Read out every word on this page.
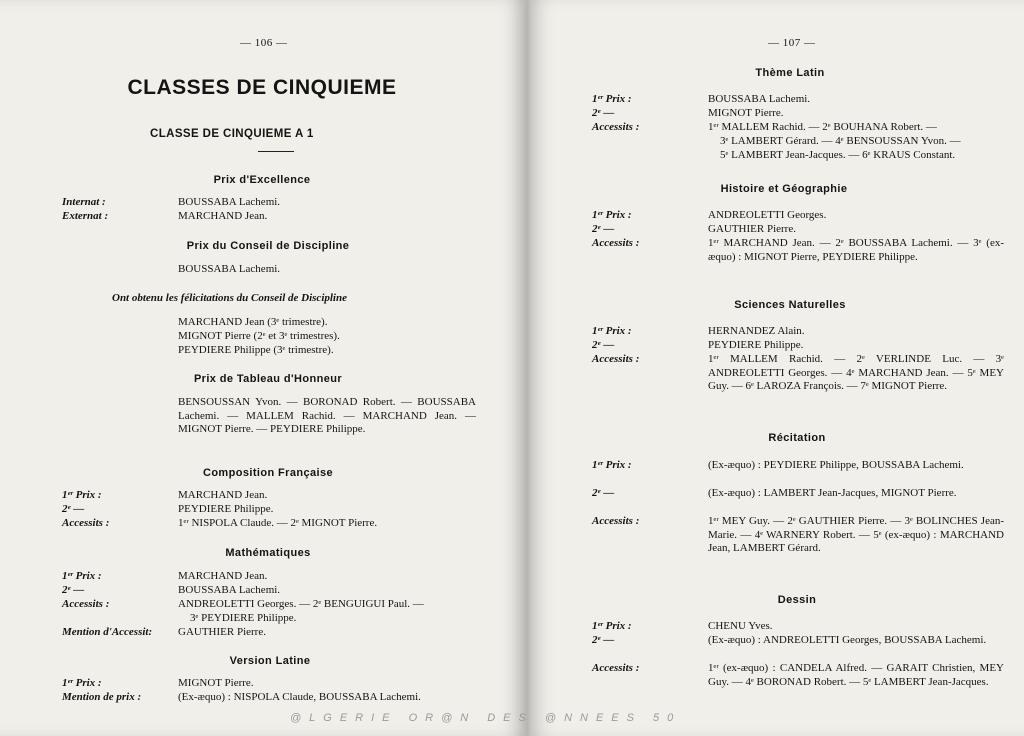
— 106 —
CLASSES DE CINQUIEME
CLASSE DE CINQUIEME A 1
Prix d'Excellence
Internat :
Externat :
BOUSSABA Lachemi.
MARCHAND Jean.
Prix du Conseil de Discipline
BOUSSABA Lachemi.
Ont obtenu les félicitations du Conseil de Discipline
MARCHAND Jean (3ᵉ trimestre).
MIGNOT Pierre (2ᵉ et 3ᵉ trimestres).
PEYDIERE Philippe (3ᵉ trimestre).
Prix de Tableau d'Honneur
BENSOUSSAN Yvon. — BORONAD Robert. — BOUSSABA Lachemi. — MALLEM Rachid. — MARCHAND Jean. — MIGNOT Pierre. — PEYDIERE Philippe.
Composition Française
1ᵉʳ Prix :
2ᵉ —
Accessits :
MARCHAND Jean.
PEYDIERE Philippe.
1ᵉʳ NISPOLA Claude. — 2ᵉ MIGNOT Pierre.
Mathématiques
1ᵉʳ Prix :
2ᵉ —
Accessits :
Mention d'Accessit:
MARCHAND Jean.
BOUSSABA Lachemi.
ANDREOLETTI Georges. — 2ᵉ BENGUIGUI Paul. —
3ᵉ PEYDIERE Philippe.
GAUTHIER Pierre.
Version Latine
1ᵉʳ Prix :
Mention de prix :
MIGNOT Pierre.
(Ex-æquo) : NISPOLA Claude, BOUSSABA Lachemi.
— 107 —
Thème Latin
1ᵉʳ Prix :
2ᵉ —
Accessits :
BOUSSABA Lachemi.
MIGNOT Pierre.
1ᵉʳ MALLEM Rachid. — 2ᵉ BOUHANA Robert. —
3ᵉ LAMBERT Gérard. — 4ᵉ BENSOUSSAN Yvon. —
5ᵉ LAMBERT Jean-Jacques. — 6ᵉ KRAUS Constant.
Histoire et Géographie
1ᵉʳ Prix :
2ᵉ —
Accessits :
ANDREOLETTI Georges.
GAUTHIER Pierre.
1ᵉʳ MARCHAND Jean. — 2ᵉ BOUSSABA Lachemi. — 3ᵉ (ex-æquo) : MIGNOT Pierre, PEYDIERE Philippe.
Sciences Naturelles
1ᵉʳ Prix :
2ᵉ —
Accessits :
HERNANDEZ Alain.
PEYDIERE Philippe.
1ᵉʳ MALLEM Rachid. — 2ᵉ VERLINDE Luc. — 3ᵉ ANDREOLETTI Georges. — 4ᵉ MARCHAND Jean. — 5ᵉ MEY Guy. — 6ᵉ LAROZA François. — 7ᵉ MIGNOT Pierre.
Récitation
1ᵉʳ Prix :
2ᵉ —
Accessits :
(Ex-æquo) : PEYDIERE Philippe, BOUSSABA Lachemi.
(Ex-æquo) : LAMBERT Jean-Jacques, MIGNOT Pierre.
1ᵉʳ MEY Guy. — 2ᵉ GAUTHIER Pierre. — 3ᵉ BOLINCHES Jean-Marie. — 4ᵉ WARNERY Robert. — 5ᵉ (ex-æquo) : MARCHAND Jean, LAMBERT Gérard.
Dessin
1ᵉʳ Prix :
2ᵉ —
Accessits :
CHENU Yves.
(Ex-æquo) : ANDREOLETTI Georges, BOUSSABA Lachemi.
1ᵉʳ (ex-æquo) : CANDELA Alfred. — GARAIT Christien, MEY Guy. — 4ᵉ BORONAD Robert. — 5ᵉ LAMBERT Jean-Jacques.
@LGERIE OR@N DES @NNEES 50
